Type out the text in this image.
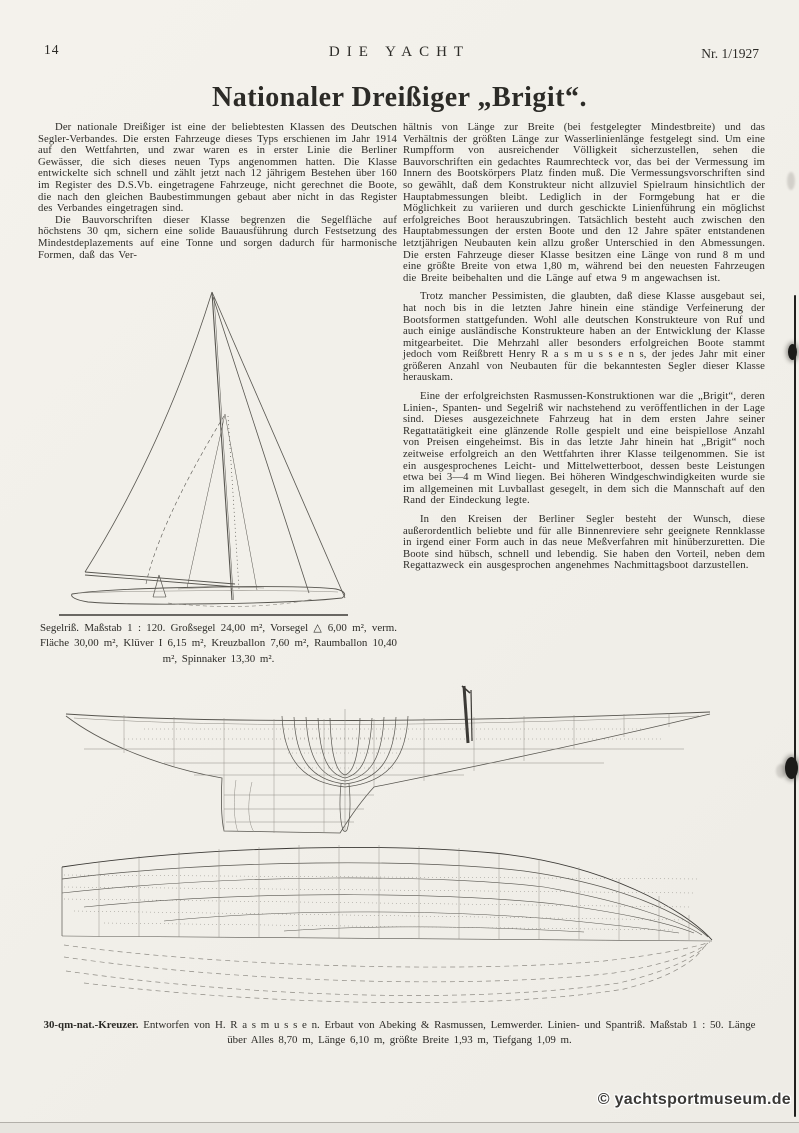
14	DIE YACHT	Nr. 1/1927
Nationaler Dreißiger „Brigit“.

Der nationale Dreißiger ist eine der beliebtesten Klassen des Deutschen Segler-Verbandes. Die ersten Fahrzeuge dieses Typs erschienen im Jahr 1914 auf den Wettfahrten, und zwar waren es in erster Linie die Berliner Gewässer, die sich dieses neuen Typs angenommen hatten. Die Klasse entwickelte sich schnell und zählt jetzt nach 12 jährigem Bestehen über 160 im Register des D.S.Vb. eingetragene Fahrzeuge, nicht gerechnet die Boote, die nach den gleichen Baubestimmungen gebaut aber nicht in das Register des Verbandes eingetragen sind.

Die Bauvorschriften dieser Klasse begrenzen die Segelfläche auf höchstens 30 qm, sichern eine solide Bauausführung durch Festsetzung des Mindestdeplazements auf eine Tonne und sorgen dadurch für harmonische Formen, daß das Ver-

hältnis von Länge zur Breite (bei festgelegter Mindestbreite) und das Verhältnis der größten Länge zur Wasserlinienlänge festgelegt sind. Um eine Rumpfform von ausreichender Völligkeit sicherzustellen, sehen die Bauvorschriften ein gedachtes Raumrechteck vor, das bei der Vermessung im Innern des Bootskörpers Platz finden muß. Die Vermessungsvorschriften sind so gewählt, daß dem Konstrukteur nicht allzuviel Spielraum hinsichtlich der Hauptabmessungen bleibt. Lediglich in der Formgebung hat er die Möglichkeit zu variieren und durch geschickte Linienführung ein möglichst erfolgreiches Boot herauszubringen. Tatsächlich besteht auch zwischen den Hauptabmessungen der ersten Boote und den 12 Jahre später entstandenen letztjährigen Neubauten kein allzu großer Unterschied in den Abmessungen. Die ersten Fahrzeuge dieser Klasse besitzen eine Länge von rund 8 m und eine größte Breite von etwa 1,80 m, während bei den neuesten Fahrzeugen die Breite beibehalten und die Länge auf etwa 9 m angewachsen ist.

Trotz mancher Pessimisten, die glaubten, daß diese Klasse ausgebaut sei, hat noch bis in die letzten Jahre hinein eine ständige Verfeinerung der Bootsformen stattgefunden. Wohl alle deutschen Konstrukteure von Ruf und auch einige ausländische Konstrukteure haben an der Entwicklung der Klasse mitgearbeitet. Die Mehrzahl aller besonders erfolgreichen Boote stammt jedoch vom Reißbrett Henry R a s m u s s e n s, der jedes Jahr mit einer größeren Anzahl von Neubauten für die bekanntesten Segler dieser Klasse herauskam.

Eine der erfolgreichsten Rasmussen-Konstruktionen war die „Brigit“, deren Linien-, Spanten- und Segelriß wir nachstehend zu veröffentlichen in der Lage sind. Dieses ausgezeichnete Fahrzeug hat in dem ersten Jahre seiner Regattatätigkeit eine glänzende Rolle gespielt und eine beispiellose Anzahl von Preisen eingeheimst. Bis in das letzte Jahr hinein hat „Brigit“ noch zeitweise erfolgreich an den Wettfahrten ihrer Klasse teilgenommen. Sie ist ein ausgesprochenes Leicht- und Mittelwetterboot, dessen beste Leistungen etwa bei 3—4 m Wind liegen. Bei höheren Windgeschwindigkeiten wurde sie im allgemeinen mit Luvballast gesegelt, in dem sich die Mannschaft auf den Rand der Eindeckung legte.

In den Kreisen der Berliner Segler besteht der Wunsch, diese außerordentlich beliebte und für alle Binnenreviere sehr geeignete Rennklasse in irgend einer Form auch in das neue Meßverfahren mit hinüberzuretten. Die Boote sind hübsch, schnell und lebendig. Sie haben den Vorteil, neben dem Regattazweck ein ausgesprochen angenehmes Nachmittagsboot darzustellen.

Segelriß. Maßstab 1 : 120. Großsegel 24,00 m², Vorsegel △ 6,00 m², verm. Fläche 30,00 m², Klüver I 6,15 m², Kreuzballon 7,60 m², Raumballon 10,40 m², Spinnaker 13,30 m².
30-qm-nat.-Kreuzer. Entworfen von H. R a s m u s s e n. Erbaut von Abeking & Rasmussen, Lemwerder. Linien- und Spantriß. Maßstab 1 : 50. Länge über Alles 8,70 m, Länge 6,10 m, größte Breite 1,93 m, Tiefgang 1,09 m.
© yachtsportmuseum.de
